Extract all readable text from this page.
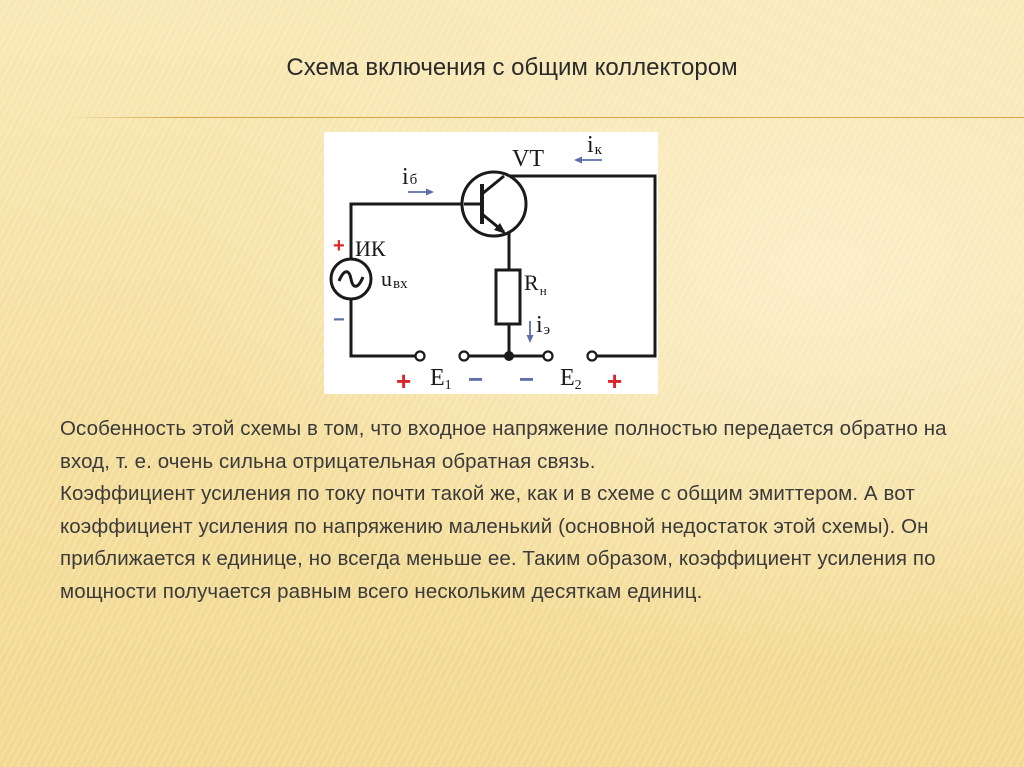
Схема включения с общим коллектором
VT
iб
iк
$R_н$
iэ
ИК
uвх
E1	E2
+
−
+ − −	+

Особенность этой схемы в том, что входное напряжение полностью передается обратно на вход, т. е. очень сильна отрицательная обратная связь.

Коэффициент усиления по току почти такой же, как и в схеме с общим эмиттером. А вот коэффициент усиления по напряжению маленький (основной недостаток этой схемы). Он приближается к единице, но всегда меньше ее. Таким образом, коэффициент усиления по мощности получается равным всего нескольким десяткам единиц.
